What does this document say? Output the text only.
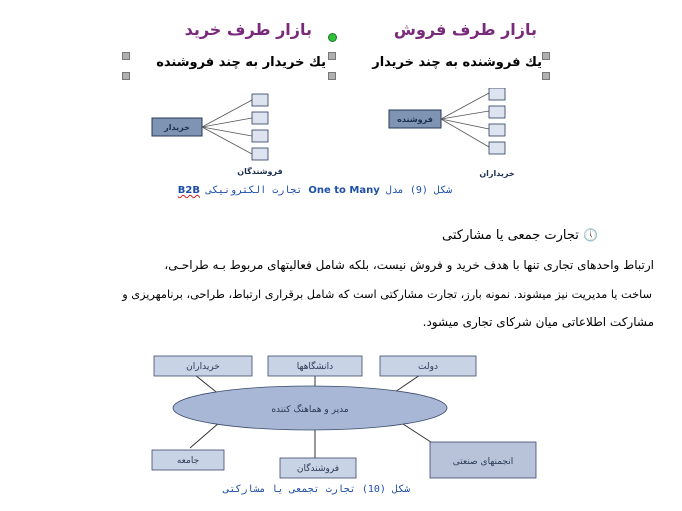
بازار طرف فروش
بازار طرف خريد
يك فروشنده به چند خريدار
يك خريدار به چند فروشنده
خريدار
فروشندگان
فروشنده
خريداران
شکل (9) مدل One to Many تجارت الکترونیکی B2B
🕔 تجارت جمعی یا مشارکتی
ارتباط واحدهای تجاری تنها با هدف خرید و فروش نیست، بلکه شامل فعالیتهای مربوط بـه طراحـی،
ساخت یا مدیریت نیز میشوند. نمونه بارز، تجارت مشارکتی است که شامل برقراری ارتباط، طراحی، برنامهریزی و
مشارکت اطلاعاتی میان شرکای تجاری میشود.
خریداران	دانشگاهها	دولت
مدیر و هماهنگ کننده
جامعه
فروشندگان
انجمنهای صنعتی
شکل (10) تجارت تجمعی یا مشارکتی
